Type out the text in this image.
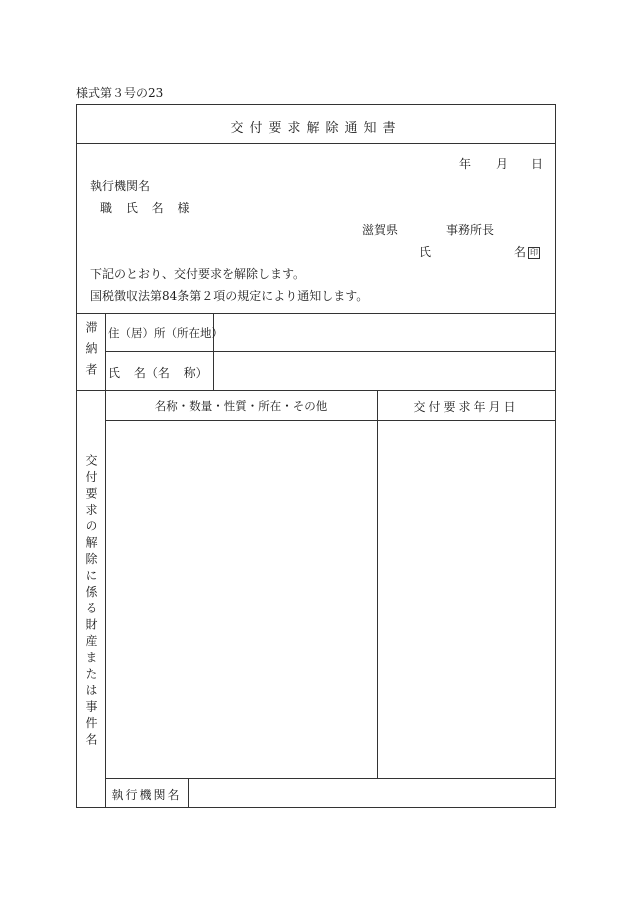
様式第３号の23
交付要求解除通知書
年 月 日
執行機関名
職 氏 名 様
滋賀県	事務所長
氏	名 印
下記のとおり、交付要求を解除します。
国税徴収法第84条第２項の規定により通知します。
滞納者 住（居）所（所在地）
氏 名（名 称）
交付要求の解除に係る財産または事件名
名称・数量・性質・所在・その他	交付要求年月日
執行機関名
